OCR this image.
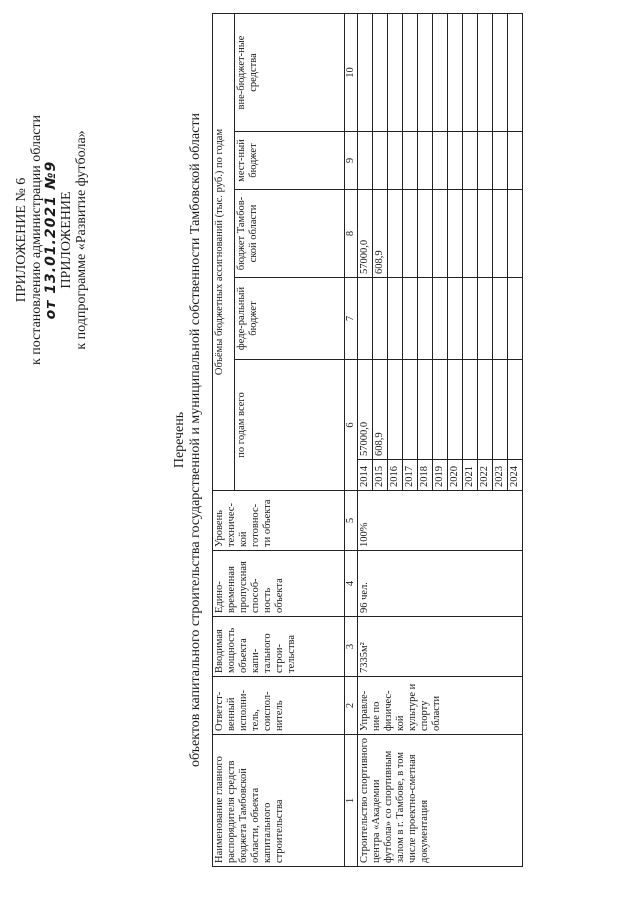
ПРИЛОЖЕНИЕ № 6 к постановлению администрации области от 13.01.2021 №9 ПРИЛОЖЕНИЕ к подпрограмме «Развитие футбола»
Перечень объектов капитального строительства государственной и муниципальной собственности Тамбовской области
Наименование главного распорядителя средств бюджета Тамбовской области, объекта капитального строительства	Ответст-венный исполни-тель, соиспол-нитель	Вводимая мощность объекта капи-тального строи-тельства	Едино-временная пропускная способ-ность объекта	Уровень техничес-кой готовнос-ти объекта	Объёмы бюджетных ассигнований (тыс. руб.) по годам					
					по годам всего		феде-ральный бюджет	бюджет Тамбов-ской области	мест-ный бюджет	вне-бюджет-ные средства
1	2	3	4	5	6		7	8	9	10
Строительство спортивного центра «Академии футбола» со спортивным залом в г. Тамбове, в том числе проектно-сметная документация	Управле-ние по физичес-кой культуре и спорту области	7335м²	96 чел.	100%	2014	57000,0		57000,0		
					2015	608,9		608,9		
					2016					
					2017					
					2018					
					2019					
					2020					
					2021					
					2022					
					2023					
					2024					
